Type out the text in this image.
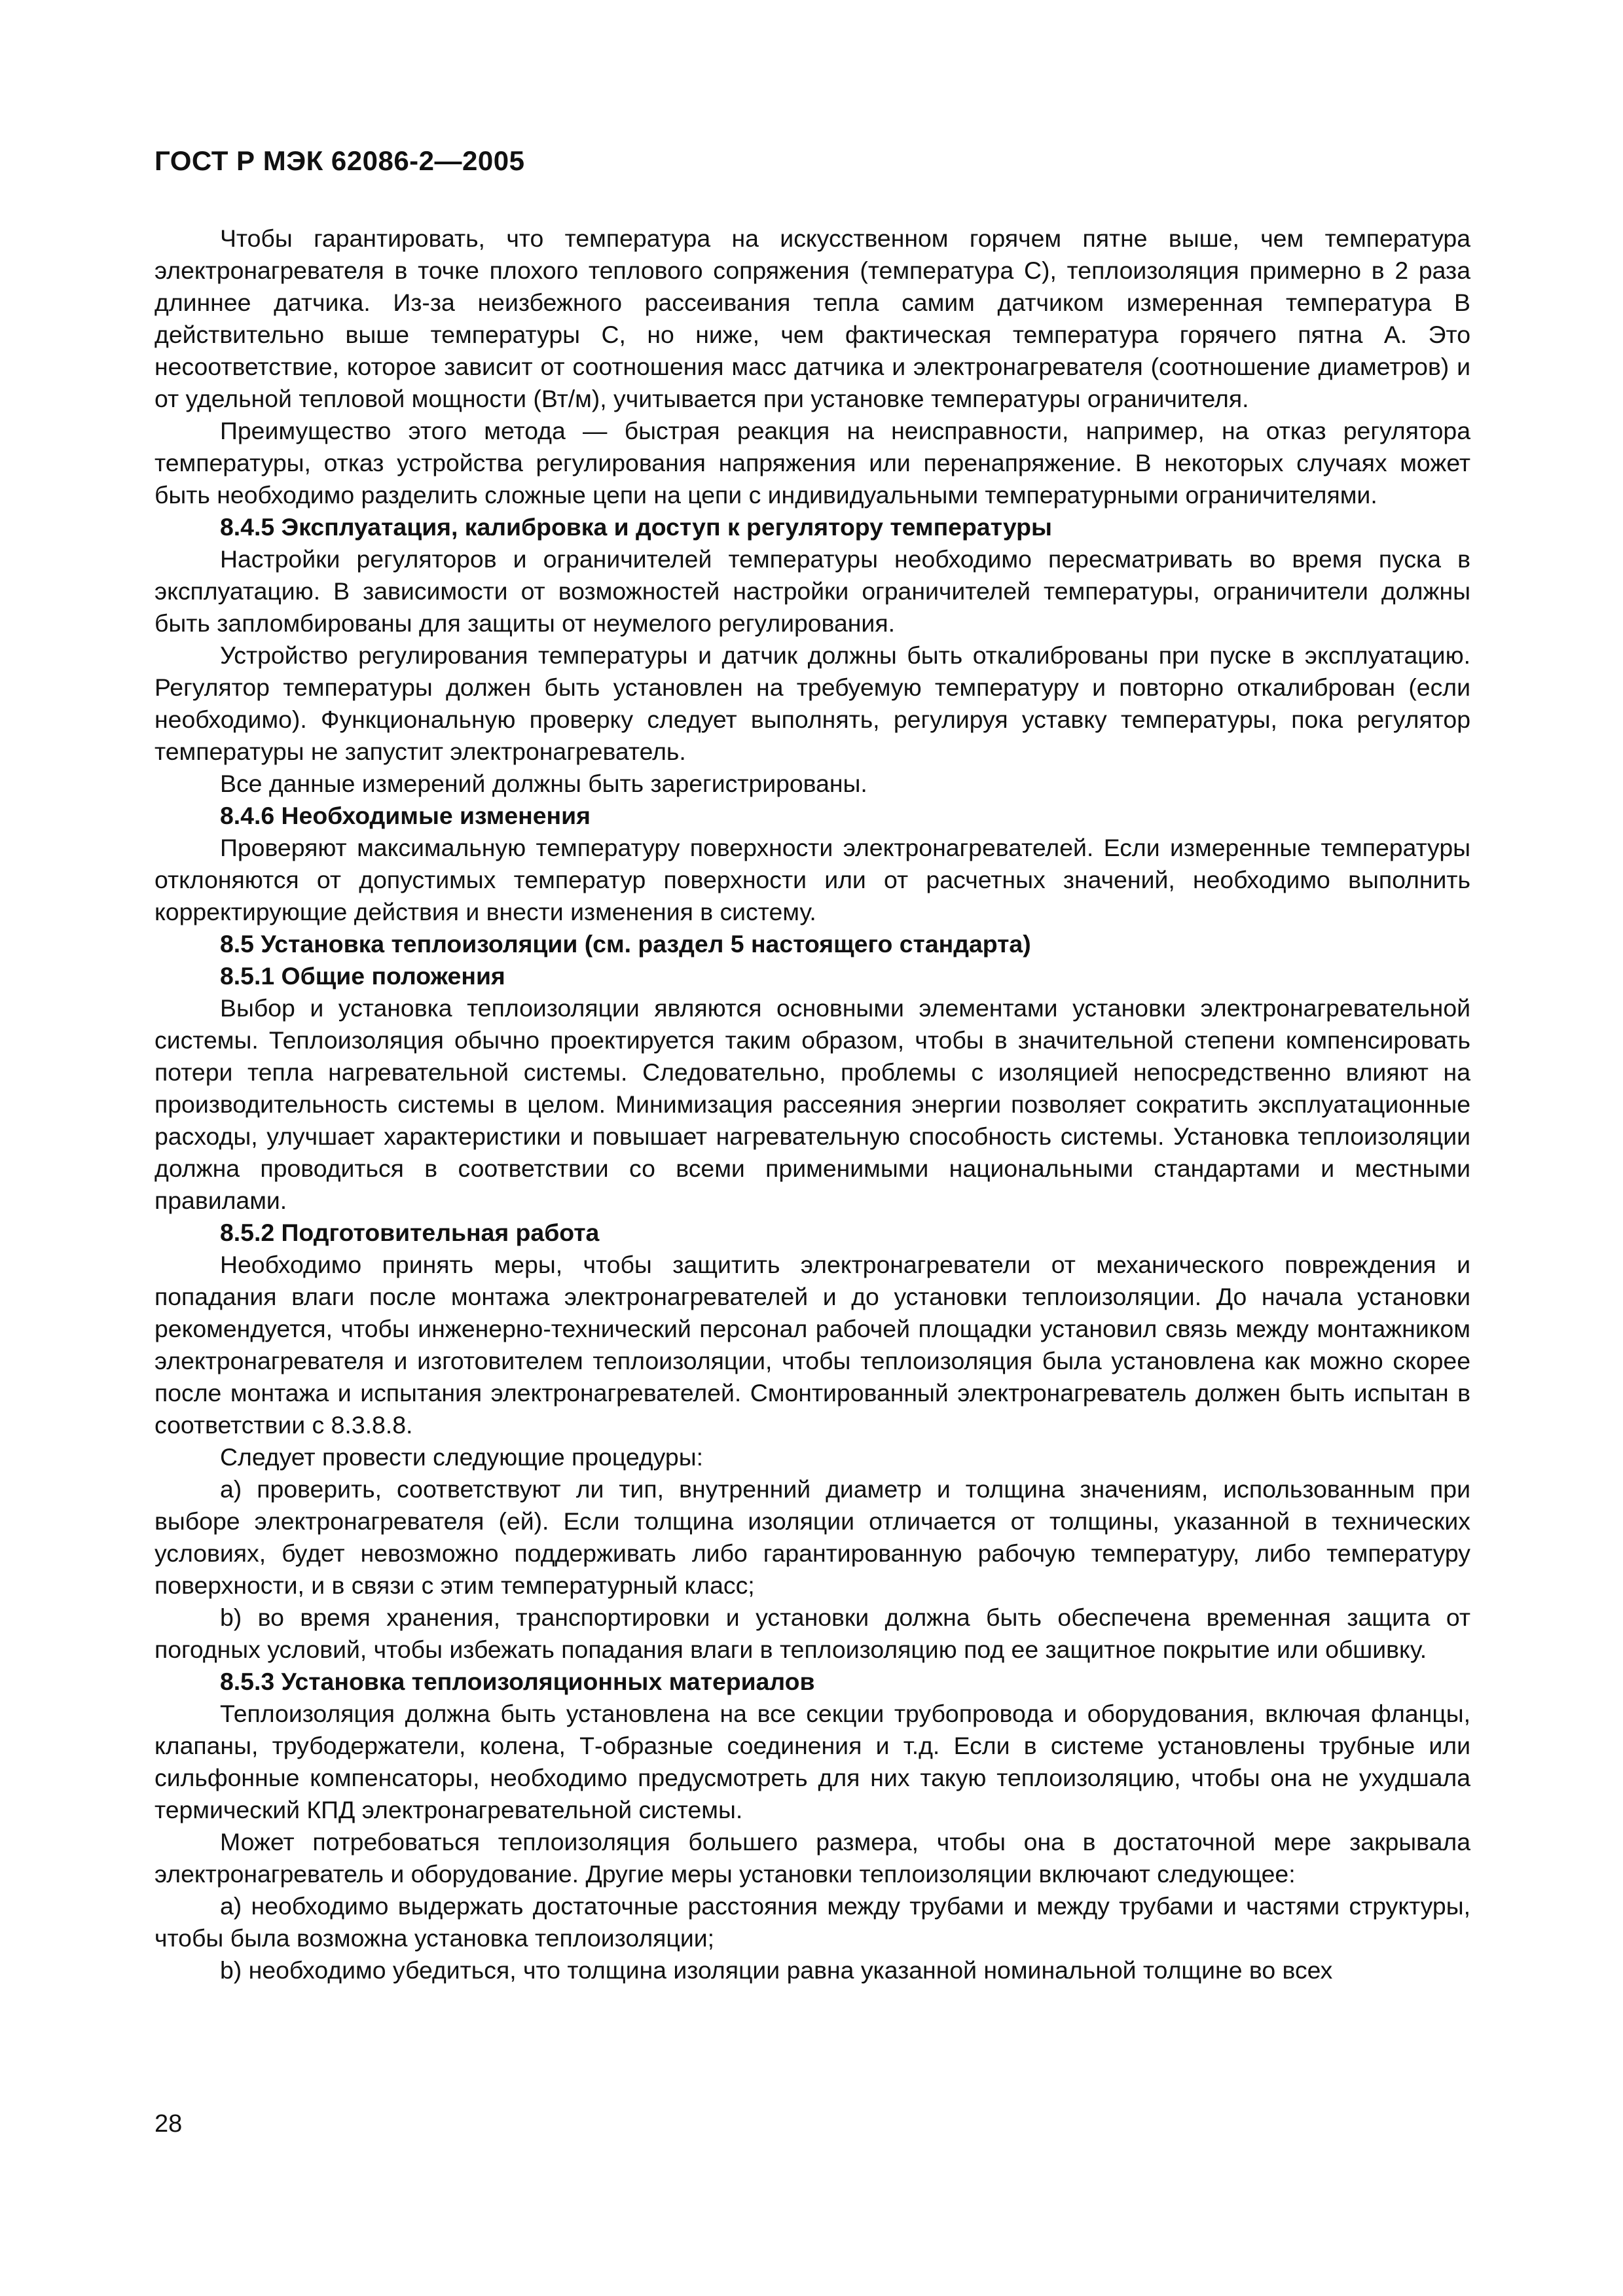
ГОСТ Р МЭК 62086-2—2005

Чтобы гарантировать, что температура на искусственном горячем пятне выше, чем температура электронагревателя в точке плохого теплового сопряжения (температура С), теплоизоляция примерно в 2 раза длиннее датчика. Из-за неизбежного рассеивания тепла самим датчиком измеренная температура В действительно выше температуры С, но ниже, чем фактическая температура горячего пятна А. Это несоответствие, которое зависит от соотношения масс датчика и электронагревателя (соотношение диаметров) и от удельной тепловой мощности (Вт/м), учитывается при установке температуры ограничителя.

Преимущество этого метода — быстрая реакция на неисправности, например, на отказ регулятора температуры, отказ устройства регулирования напряжения или перенапряжение. В некоторых случаях может быть необходимо разделить сложные цепи на цепи с индивидуальными температурными ограничителями.

8.4.5 Эксплуатация, калибровка и доступ к регулятору температуры

Настройки регуляторов и ограничителей температуры необходимо пересматривать во время пуска в эксплуатацию. В зависимости от возможностей настройки ограничителей температуры, ограничители должны быть запломбированы для защиты от неумелого регулирования.

Устройство регулирования температуры и датчик должны быть откалиброваны при пуске в эксплуатацию. Регулятор температуры должен быть установлен на требуемую температуру и повторно откалиброван (если необходимо). Функциональную проверку следует выполнять, регулируя уставку температуры, пока регулятор температуры не запустит электронагреватель.

Все данные измерений должны быть зарегистрированы.

8.4.6 Необходимые изменения

Проверяют максимальную температуру поверхности электронагревателей. Если измеренные температуры отклоняются от допустимых температур поверхности или от расчетных значений, необходимо выполнить корректирующие действия и внести изменения в систему.

8.5 Установка теплоизоляции (см. раздел 5 настоящего стандарта)

8.5.1 Общие положения

Выбор и установка теплоизоляции являются основными элементами установки электронагревательной системы. Теплоизоляция обычно проектируется таким образом, чтобы в значительной степени компенсировать потери тепла нагревательной системы. Следовательно, проблемы с изоляцией непосредственно влияют на производительность системы в целом. Минимизация рассеяния энергии позволяет сократить эксплуатационные расходы, улучшает характеристики и повышает нагревательную способность системы. Установка теплоизоляции должна проводиться в соответствии со всеми применимыми национальными стандартами и местными правилами.

8.5.2 Подготовительная работа

Необходимо принять меры, чтобы защитить электронагреватели от механического повреждения и попадания влаги после монтажа электронагревателей и до установки теплоизоляции. До начала установки рекомендуется, чтобы инженерно-технический персонал рабочей площадки установил связь между монтажником электронагревателя и изготовителем теплоизоляции, чтобы теплоизоляция была установлена как можно скорее после монтажа и испытания электронагревателей. Смонтированный электронагреватель должен быть испытан в соответствии с 8.3.8.8.

Следует провести следующие процедуры:

a) проверить, соответствуют ли тип, внутренний диаметр и толщина значениям, использованным при выборе электронагревателя (ей). Если толщина изоляции отличается от толщины, указанной в технических условиях, будет невозможно поддерживать либо гарантированную рабочую температуру, либо температуру поверхности, и в связи с этим температурный класс;

b) во время хранения, транспортировки и установки должна быть обеспечена временная защита от погодных условий, чтобы избежать попадания влаги в теплоизоляцию под ее защитное покрытие или обшивку.

8.5.3 Установка теплоизоляционных материалов

Теплоизоляция должна быть установлена на все секции трубопровода и оборудования, включая фланцы, клапаны, трубодержатели, колена, Т-образные соединения и т.д. Если в системе установлены трубные или сильфонные компенсаторы, необходимо предусмотреть для них такую теплоизоляцию, чтобы она не ухудшала термический КПД электронагревательной системы.

Может потребоваться теплоизоляция большего размера, чтобы она в достаточной мере закрывала электронагреватель и оборудование. Другие меры установки теплоизоляции включают следующее:

a) необходимо выдержать достаточные расстояния между трубами и между трубами и частями структуры, чтобы была возможна установка теплоизоляции;

b) необходимо убедиться, что толщина изоляции равна указанной номинальной толщине во всех

28
